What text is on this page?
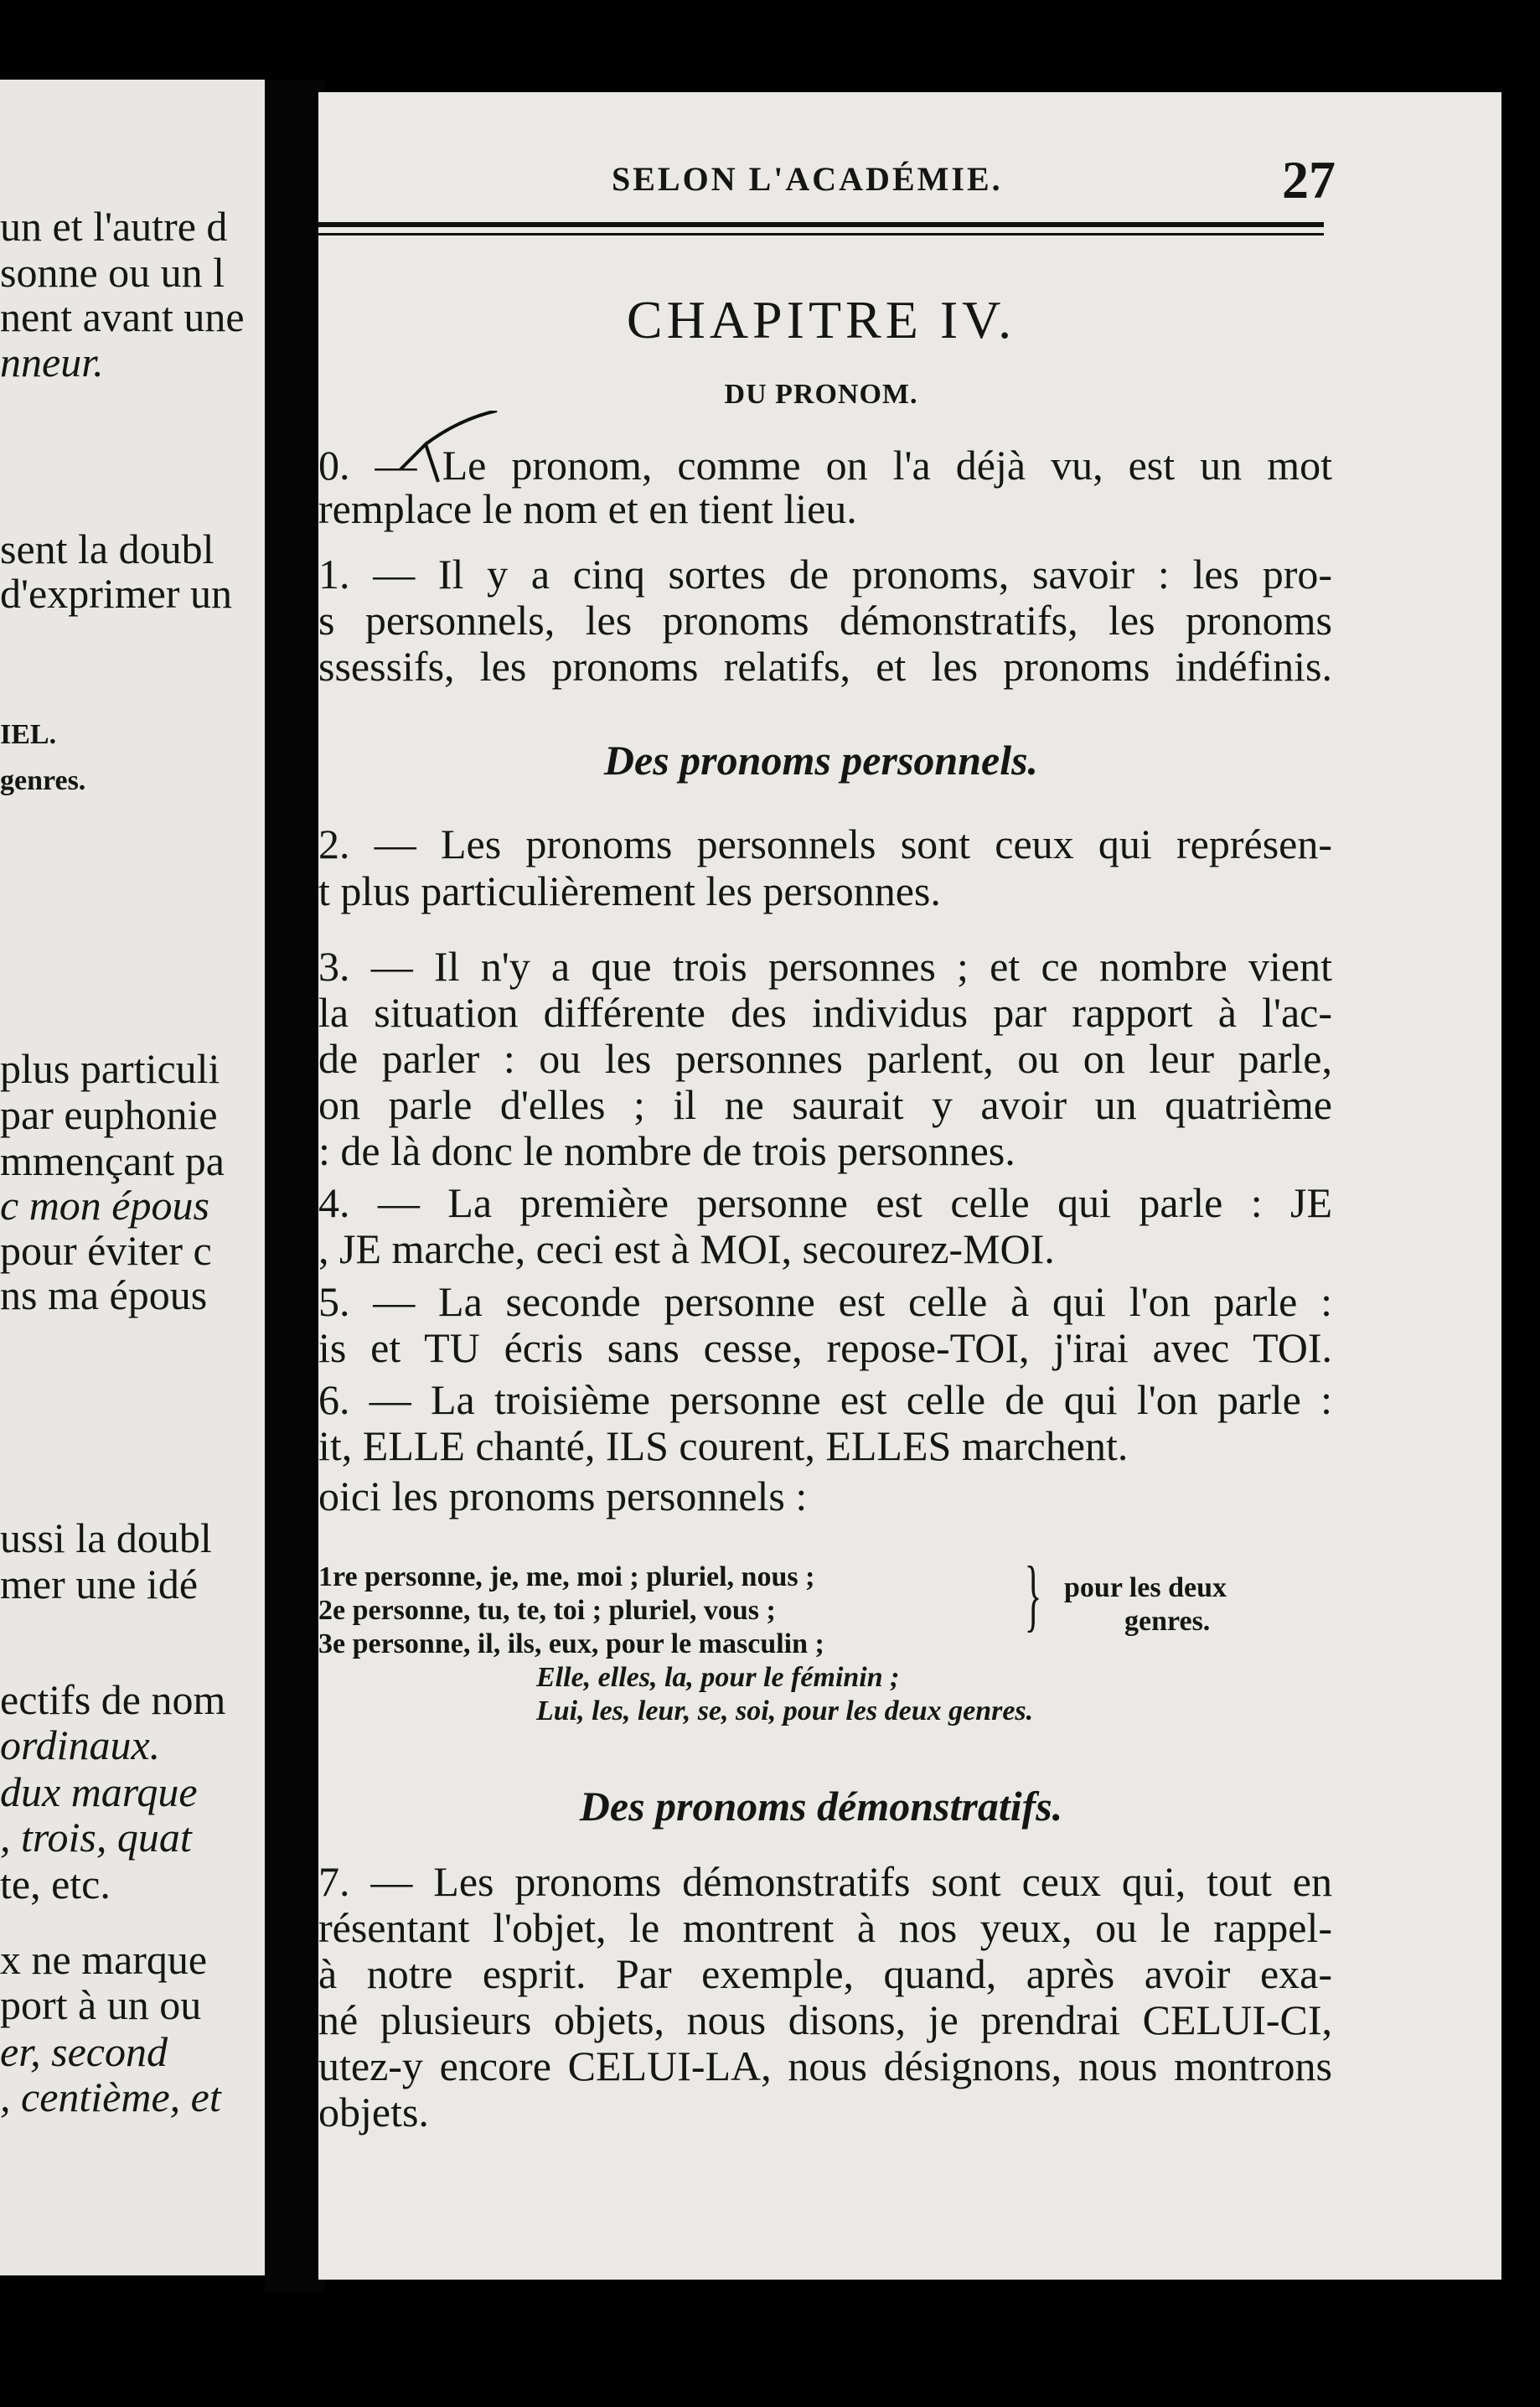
un et l'autre d
sonne ou un l
nent avant une
nneur.
sent la doubl
d'exprimer un
IEL.
genres.
plus particuli
par euphonie
mmençant pa
c mon épous
pour éviter c
ns ma épous
ussi la doubl
mer une idé
ectifs de nom
ordinaux.
dux marque
, trois, quat
te, etc.
x ne marque
port à un ou
er, second
, centième, et
SELON L'ACADÉMIE.	27
CHAPITRE IV.
DU PRONOM.
0. — Le pronom, comme on l'a déjà vu, est un mot
remplace le nom et en tient lieu.
1. — Il y a cinq sortes de pronoms, savoir : les pro-
s personnels, les pronoms démonstratifs, les pronoms
ssessifs, les pronoms relatifs, et les pronoms indéfinis.
Des pronoms personnels.
2. — Les pronoms personnels sont ceux qui représen-
t plus particulièrement les personnes.
3. — Il n'y a que trois personnes ; et ce nombre vient
la situation différente des individus par rapport à l'ac-
de parler : ou les personnes parlent, ou on leur parle,
on parle d'elles ; il ne saurait y avoir un quatrième
: de là donc le nombre de trois personnes.
4. — La première personne est celle qui parle : JE
, JE marche, ceci est à MOI, secourez-MOI.
5. — La seconde personne est celle à qui l'on parle :
is et TU écris sans cesse, repose-TOI, j'irai avec TOI.
6. — La troisième personne est celle de qui l'on parle :
it, ELLE chanté, ILS courent, ELLES marchent.
oici les pronoms personnels :
1re personne, je, me, moi ; pluriel, nous ;
2e personne, tu, te, toi ; pluriel, vous ;
3e personne, il, ils, eux, pour le masculin ;
Elle, elles, la, pour le féminin ;
Lui, les, leur, se, soi, pour les deux genres.
} pour les deux
genres.
Des pronoms démonstratifs.
7. — Les pronoms démonstratifs sont ceux qui, tout en
résentant l'objet, le montrent à nos yeux, ou le rappel-
à notre esprit. Par exemple, quand, après avoir exa-
né plusieurs objets, nous disons, je prendrai CELUI-CI,
utez-y encore CELUI-LA, nous désignons, nous montrons
objets.
